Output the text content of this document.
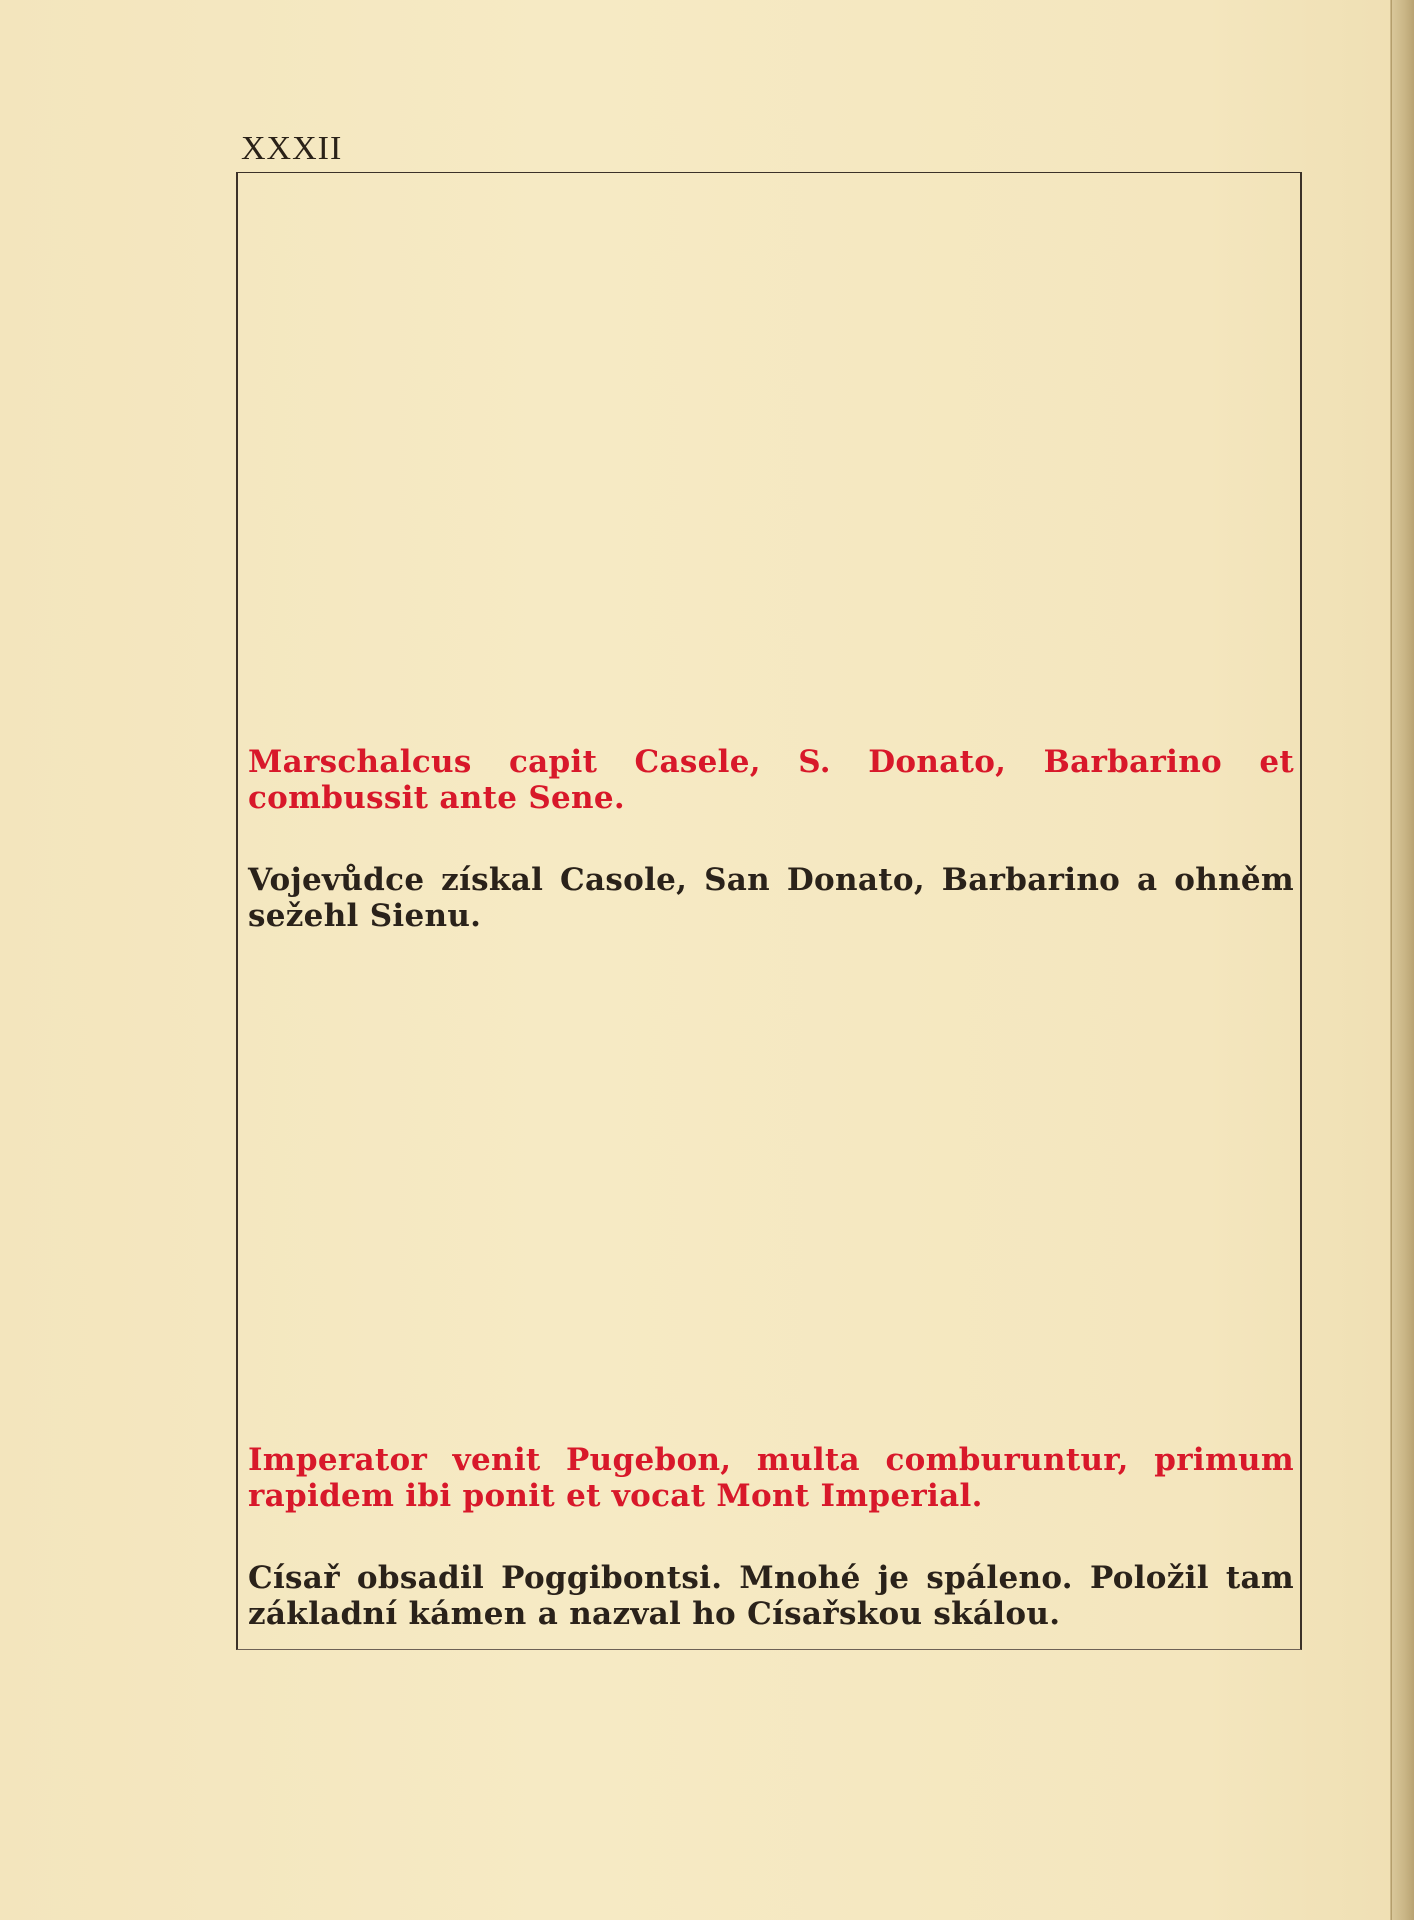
XXXII
Marschalcus capit Casele, S. Donato, Barbarino et combussit ante Sene.
Vojevůdce získal Casole, San Donato, Barbarino a ohněm sežehl Sienu.
Imperator venit Pugebon, multa comburuntur, primum rapidem ibi ponit et vocat Mont Imperial.
Císař obsadil Poggibontsi. Mnohé je spáleno. Položil tam základní kámen a nazval ho Císařskou skálou.
